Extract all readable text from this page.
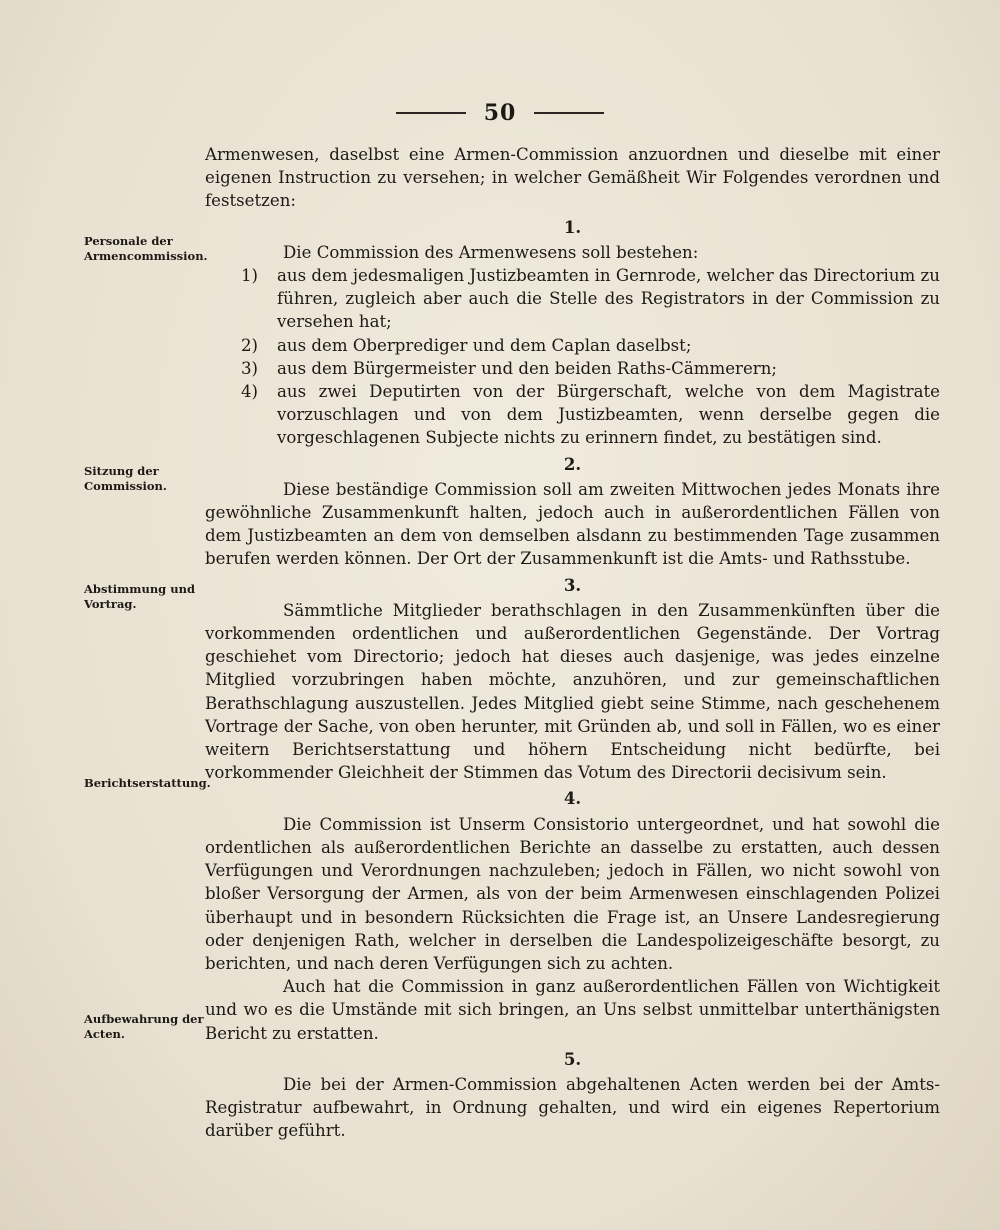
50
Personale der Armencommission.
Sitzung der Commission.
Abstimmung und Vortrag.
Berichtserstattung.
Aufbewahrung der Acten.

Armenwesen, daselbst eine Armen-Commission anzuordnen und dieselbe mit einer eigenen Instruction zu versehen; in welcher Gemäßheit Wir Folgendes verordnen und festsetzen:

1.

Die Commission des Armenwesens soll bestehen:

1)	aus dem jedesmaligen Justizbeamten in Gernrode, welcher das Directorium zu führen, zugleich aber auch die Stelle des Registrators in der Commission zu versehen hat;
2)	aus dem Oberprediger und dem Caplan daselbst;
3)	aus dem Bürgermeister und den beiden Raths-Cämmerern;
4)	aus zwei Deputirten von der Bürgerschaft, welche von dem Magistrate vorzuschlagen und von dem Justizbeamten, wenn derselbe gegen die vorgeschlagenen Subjecte nichts zu erinnern findet, zu bestätigen sind.
2.

Diese beständige Commission soll am zweiten Mittwochen jedes Monats ihre gewöhnliche Zusammenkunft halten, jedoch auch in außerordentlichen Fällen von dem Justizbeamten an dem von demselben alsdann zu bestimmenden Tage zusammen berufen werden können. Der Ort der Zusammenkunft ist die Amts- und Rathsstube.

3.

Sämmtliche Mitglieder berathschlagen in den Zusammenkünften über die vorkommenden ordentlichen und außerordentlichen Gegenstände. Der Vortrag geschiehet vom Directorio; jedoch hat dieses auch dasjenige, was jedes einzelne Mitglied vorzubringen haben möchte, anzuhören, und zur gemeinschaftlichen Berathschlagung auszustellen. Jedes Mitglied giebt seine Stimme, nach geschehenem Vortrage der Sache, von oben herunter, mit Gründen ab, und soll in Fällen, wo es einer weitern Berichtserstattung und höhern Entscheidung nicht bedürfte, bei vorkommender Gleichheit der Stimmen das Votum des Directorii decisivum sein.

4.

Die Commission ist Unserm Consistorio untergeordnet, und hat sowohl die ordentlichen als außerordentlichen Berichte an dasselbe zu erstatten, auch dessen Verfügungen und Verordnungen nachzuleben; jedoch in Fällen, wo nicht sowohl von bloßer Versorgung der Armen, als von der beim Armenwesen einschlagenden Polizei überhaupt und in besondern Rücksichten die Frage ist, an Unsere Landesregierung oder denjenigen Rath, welcher in derselben die Landespolizeigeschäfte besorgt, zu berichten, und nach deren Verfügungen sich zu achten.

Auch hat die Commission in ganz außerordentlichen Fällen von Wichtigkeit und wo es die Umstände mit sich bringen, an Uns selbst unmittelbar unterthänigsten Bericht zu erstatten.

5.

Die bei der Armen-Commission abgehaltenen Acten werden bei der Amts-Registratur aufbewahrt, in Ordnung gehalten, und wird ein eigenes Repertorium darüber geführt.
